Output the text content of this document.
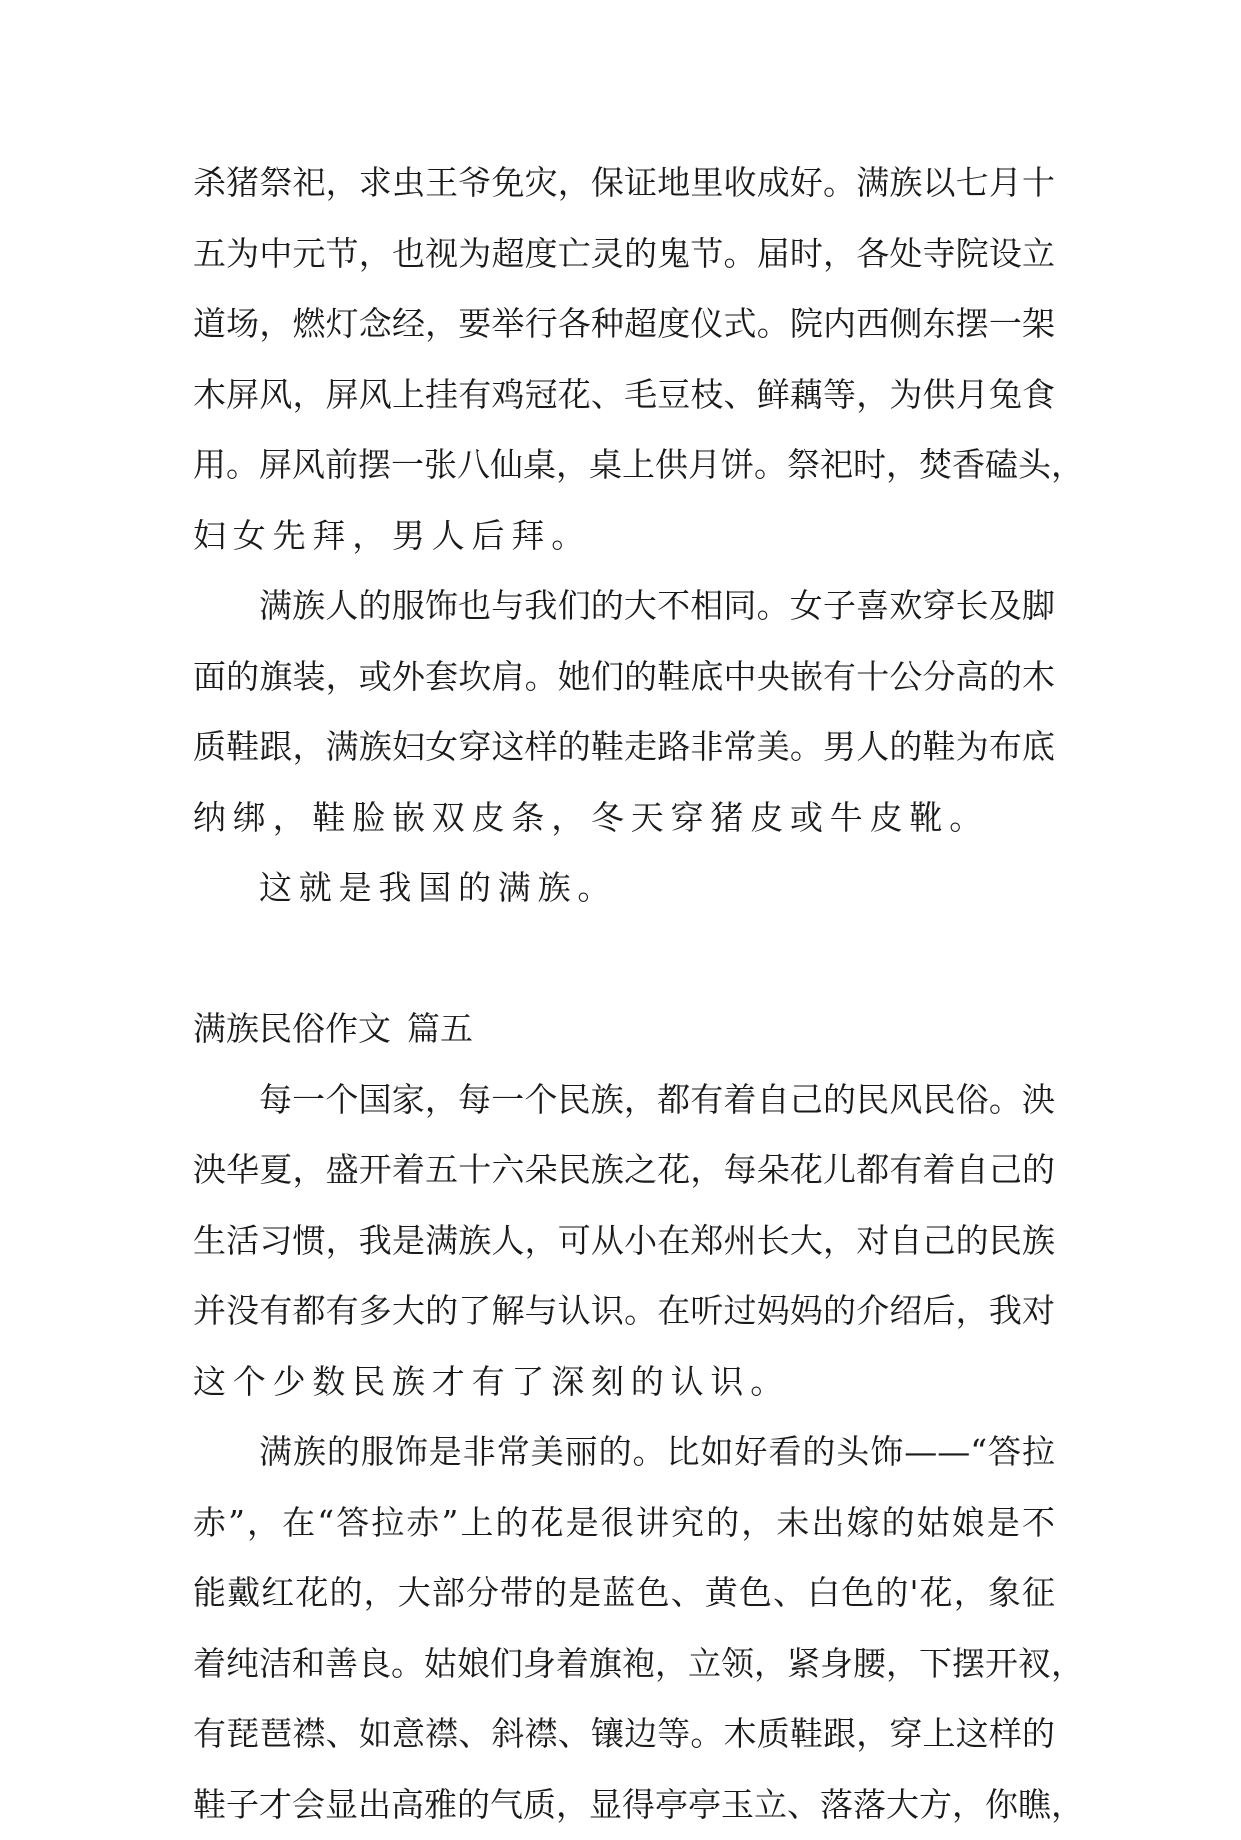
杀猪祭祀，求虫王爷免灾，保证地里收成好。满族以七月十
五为中元节，也视为超度亡灵的鬼节。届时，各处寺院设立
道场，燃灯念经，要举行各种超度仪式。院内西侧东摆一架
木屏风，屏风上挂有鸡冠花、毛豆枝、鲜藕等，为供月兔食
用。屏风前摆一张八仙桌，桌上供月饼。祭祀时，焚香磕头，
妇女先拜，男人后拜。
满族人的服饰也与我们的大不相同。女子喜欢穿长及脚
面的旗装，或外套坎肩。她们的鞋底中央嵌有十公分高的木
质鞋跟，满族妇女穿这样的鞋走路非常美。男人的鞋为布底
纳绑，鞋脸嵌双皮条，冬天穿猪皮或牛皮靴。
这就是我国的满族。
满族民俗作文 篇五
每一个国家，每一个民族，都有着自己的民风民俗。泱
泱华夏，盛开着五十六朵民族之花，每朵花儿都有着自己的
生活习惯，我是满族人，可从小在郑州长大，对自己的民族
并没有都有多大的了解与认识。在听过妈妈的介绍后，我对
这个少数民族才有了深刻的认识。
满族的服饰是非常美丽的。比如好看的头饰——“答拉
赤”，在“答拉赤”上的花是很讲究的，未出嫁的姑娘是不
能戴红花的，大部分带的是蓝色、黄色、白色的'花，象征
着纯洁和善良。姑娘们身着旗袍，立领，紧身腰，下摆开衩，
有琵琶襟、如意襟、斜襟、镶边等。木质鞋跟，穿上这样的
鞋子才会显出高雅的气质，显得亭亭玉立、落落大方，你瞧，
